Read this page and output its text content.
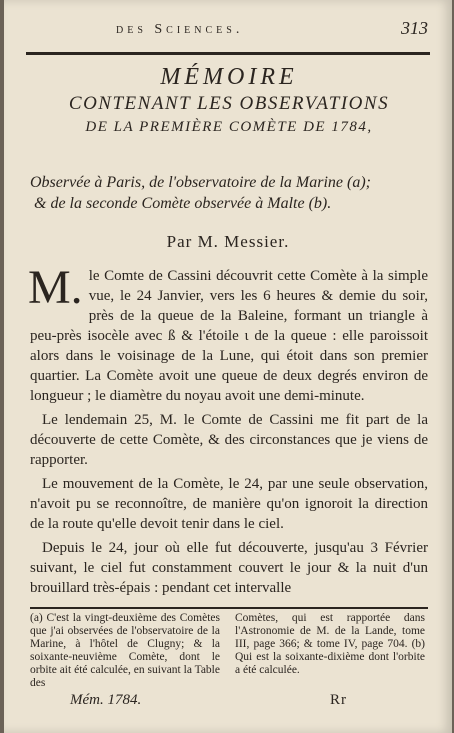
des Sciences.	313
MÉMOIRE
CONTENANT LES OBSERVATIONS
DE LA PREMIÈRE COMÈTE DE 1784,
Observée à Paris, de l'observatoire de la Marine (a);
& de la seconde Comète observée à Malte (b).
Par M. Messier.

M. le Comte de Cassini découvrit cette Comète à la simple vue, le 24 Janvier, vers les 6 heures & demie du soir, près de la queue de la Baleine, formant un triangle à peu-près isocèle avec ß & l'étoile ι de la queue : elle paroissoit alors dans le voisinage de la Lune, qui étoit dans son premier quartier. La Comète avoit une queue de deux degrés environ de longueur ; le diamètre du noyau avoit une demi-minute.

Le lendemain 25, M. le Comte de Cassini me fit part de la découverte de cette Comète, & des circonstances que je viens de rapporter.

Le mouvement de la Comète, le 24, par une seule observation, n'avoit pu se reconnoître, de manière qu'on ignoroit la direction de la route qu'elle devoit tenir dans le ciel.

Depuis le 24, jour où elle fut découverte, jusqu'au 3 Février suivant, le ciel fut constamment couvert le jour & la nuit d'un brouillard très-épais : pendant cet intervalle

(a) C'est la vingt-deuxième des Comètes que j'ai observées de l'observatoire de la Marine, à l'hôtel de Clugny; & la soixante-neuvième Comète, dont le orbite ait été calculée, en suivant la Table des

Comètes, qui est rapportée dans l'Astronomie de M. de la Lande, tome III, page 366; & tome IV, page 704. (b) Qui est la soixante-dixième dont l'orbite a été calculée.

Mém. 1784.	Rr
